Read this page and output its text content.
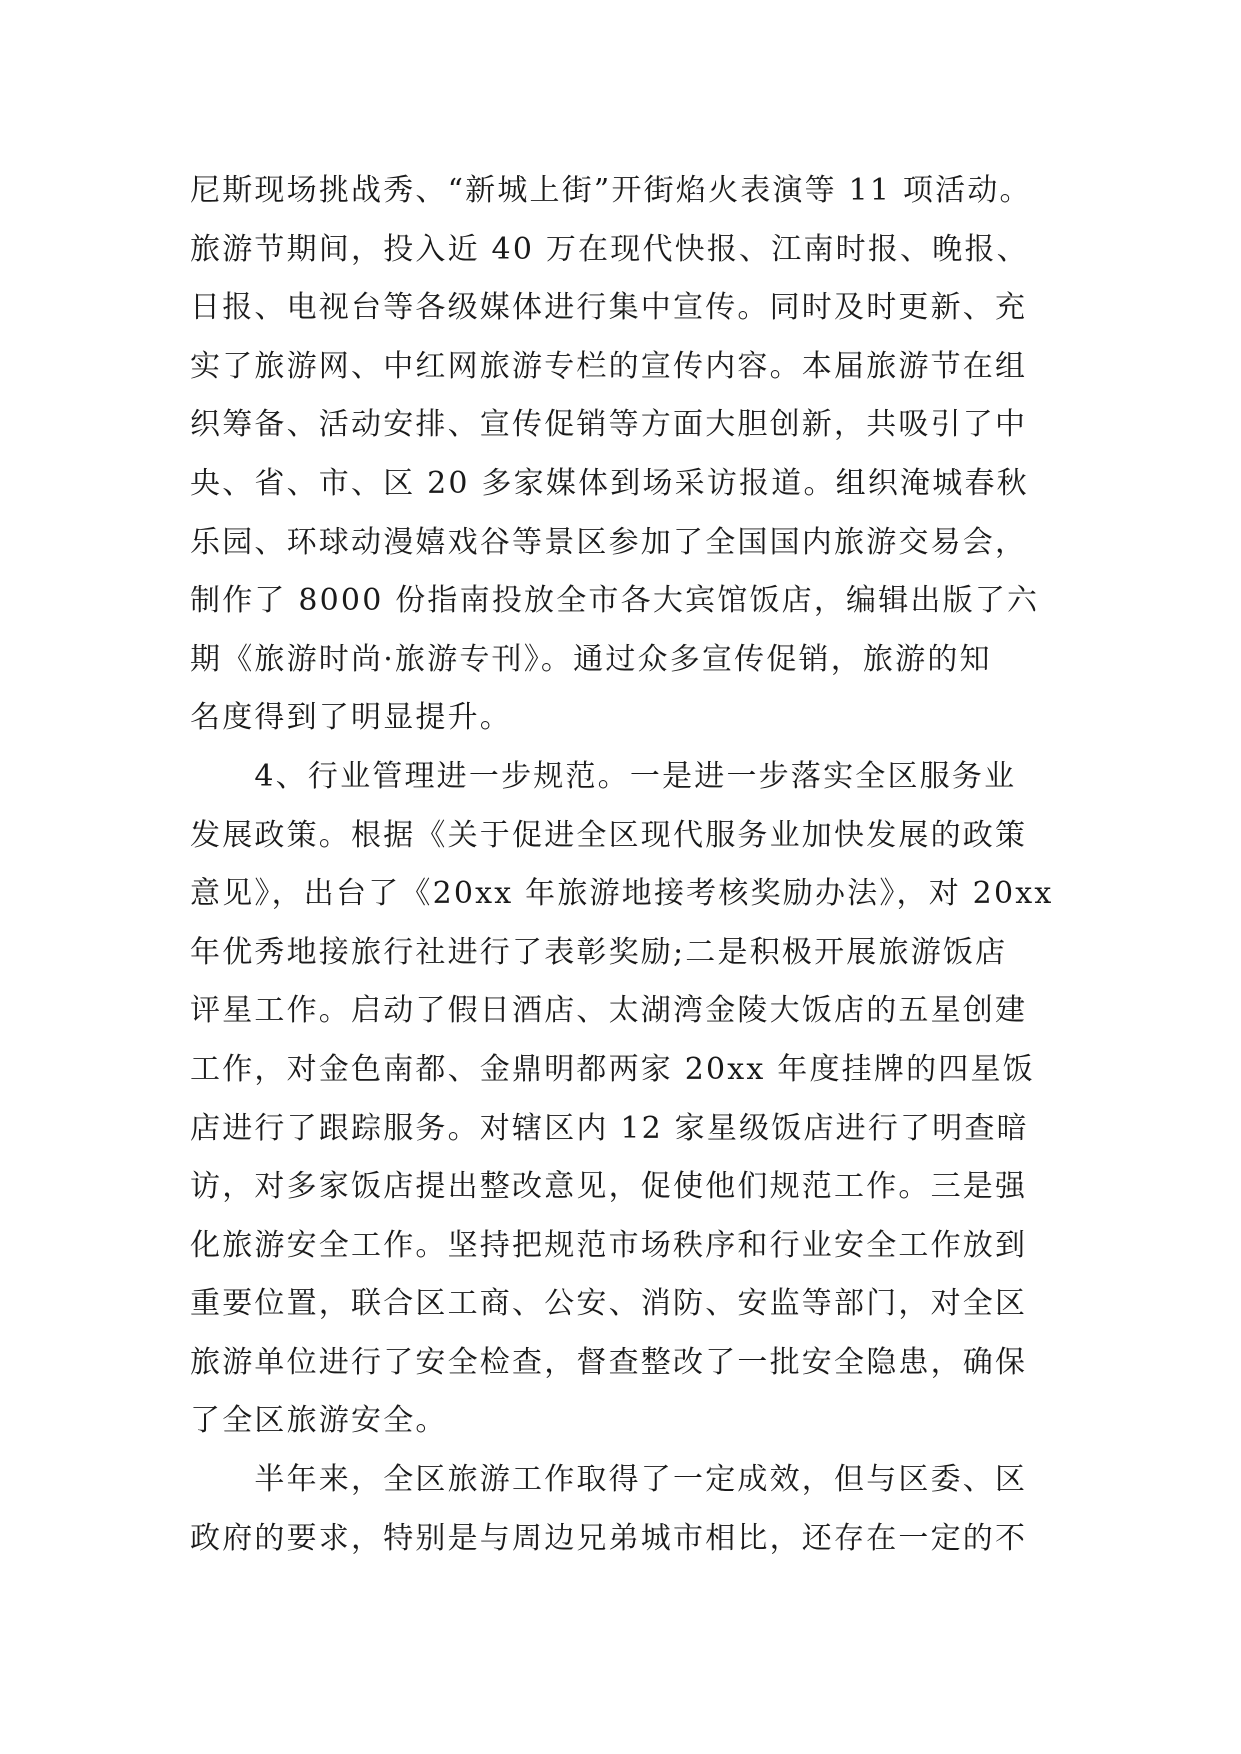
尼斯现场挑战秀、“新城上街”开街焰火表演等 11 项活动。
旅游节期间，投入近 40 万在现代快报、江南时报、晚报、
日报、电视台等各级媒体进行集中宣传。同时及时更新、充
实了旅游网、中红网旅游专栏的宣传内容。本届旅游节在组
织筹备、活动安排、宣传促销等方面大胆创新，共吸引了中
央、省、市、区 20 多家媒体到场采访报道。组织淹城春秋
乐园、环球动漫嬉戏谷等景区参加了全国国内旅游交易会，
制作了 8000 份指南投放全市各大宾馆饭店，编辑出版了六
期《旅游时尚·旅游专刊》。通过众多宣传促销，旅游的知
名度得到了明显提升。
　　4、行业管理进一步规范。一是进一步落实全区服务业
发展政策。根据《关于促进全区现代服务业加快发展的政策
意见》，出台了《20xx 年旅游地接考核奖励办法》，对 20xx
年优秀地接旅行社进行了表彰奖励;二是积极开展旅游饭店
评星工作。启动了假日酒店、太湖湾金陵大饭店的五星创建
工作，对金色南都、金鼎明都两家 20xx 年度挂牌的四星饭
店进行了跟踪服务。对辖区内 12 家星级饭店进行了明查暗
访，对多家饭店提出整改意见，促使他们规范工作。三是强
化旅游安全工作。坚持把规范市场秩序和行业安全工作放到
重要位置，联合区工商、公安、消防、安监等部门，对全区
旅游单位进行了安全检查，督查整改了一批安全隐患，确保
了全区旅游安全。
　　半年来，全区旅游工作取得了一定成效，但与区委、区
政府的要求，特别是与周边兄弟城市相比，还存在一定的不
